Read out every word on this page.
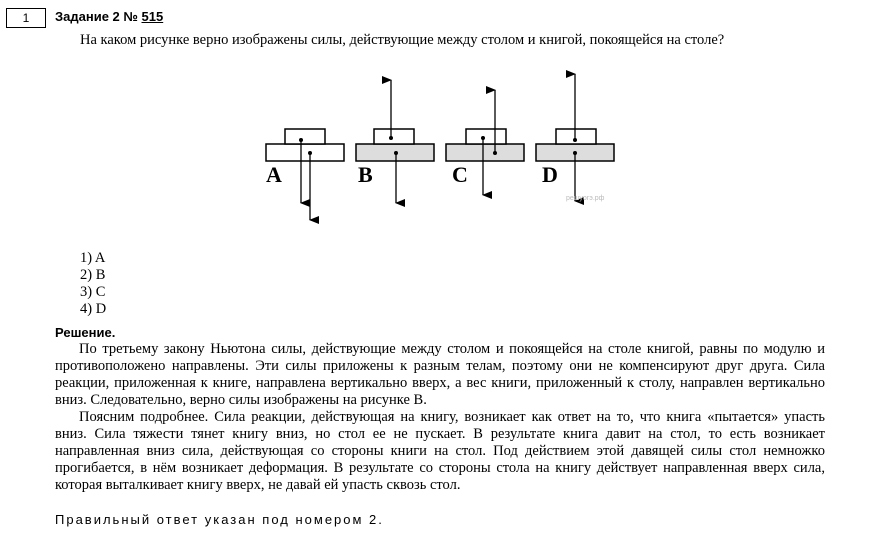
1	Задание 2 № 515
На каком рисунке верно изображены силы, действующие между столом и книгой, покоящейся на столе?
A	B	C	D
решуогэ.рф
1) A
2) B
3) C
4) D
Решение.

По третьему закону Ньютона силы, действующие между столом и покоящейся на столе книгой, равны по модулю и противоположено направлены. Эти силы приложены к разным телам, поэтому они не компенсируют друг друга. Сила реакции, приложенная к книге, направлена вертикально вверх, а вес книги, приложенный к столу, направлен вертикально вниз. Следовательно, верно силы изображены на рисунке B.

Поясним подробнее. Сила реакции, действующая на книгу, возникает как ответ на то, что книга «пытается» упасть вниз. Сила тяжести тянет книгу вниз, но стол ее не пускает. В результате книга давит на стол, то есть возникает направленная вниз сила, действующая со стороны книги на стол. Под действием этой давящей силы стол немножко прогибается, в нём возникает деформация. В результате со стороны стола на книгу действует направленная вверх сила, которая выталкивает книгу вверх, не давай ей упасть сквозь стол.

Правильный ответ указан под номером 2.
